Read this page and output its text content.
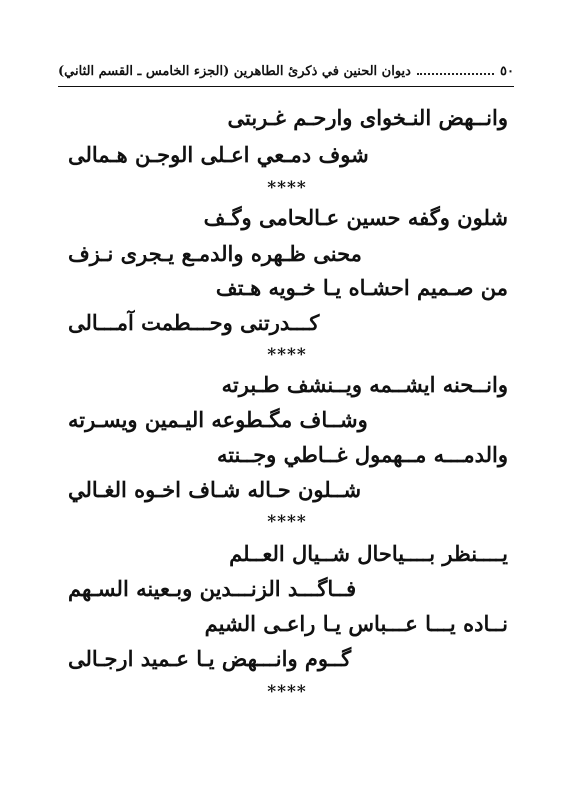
٥٠
ديوان الحنين في ذكرئ الطاهرين (الجزء الخامس ـ القسم الثاني)
وانــهض النـخواى وارحـم غـربتى
شوف دمـعي اعـلى الوجـن هـمالى
****
شلون وگفه حسين عـالحامى وگـف
محنى ظـهره والدمـع يـجرى نـزف
من صـميم احشـاه يـا خـويه هـتف
كـــدرتنى وحـــطمت آمـــالى
****
وانــحنه ايشــمه ويــنشف طـبرته
وشــاف مگـطوعه اليـمين ويسـرته
والدمـــه مــهمول غــاطي وجــنته
شــلون حـاله شـاف اخـوه الغـالي
****
يــــنظر بــــياحال شــيال العــلم
فــاگـــد الزنـــدين وبـعينه السـهم
نــاده يـــا عـــباس يـا راعـى الشيم
گــوم وانـــهض يـا عـميد ارجـالى
****
